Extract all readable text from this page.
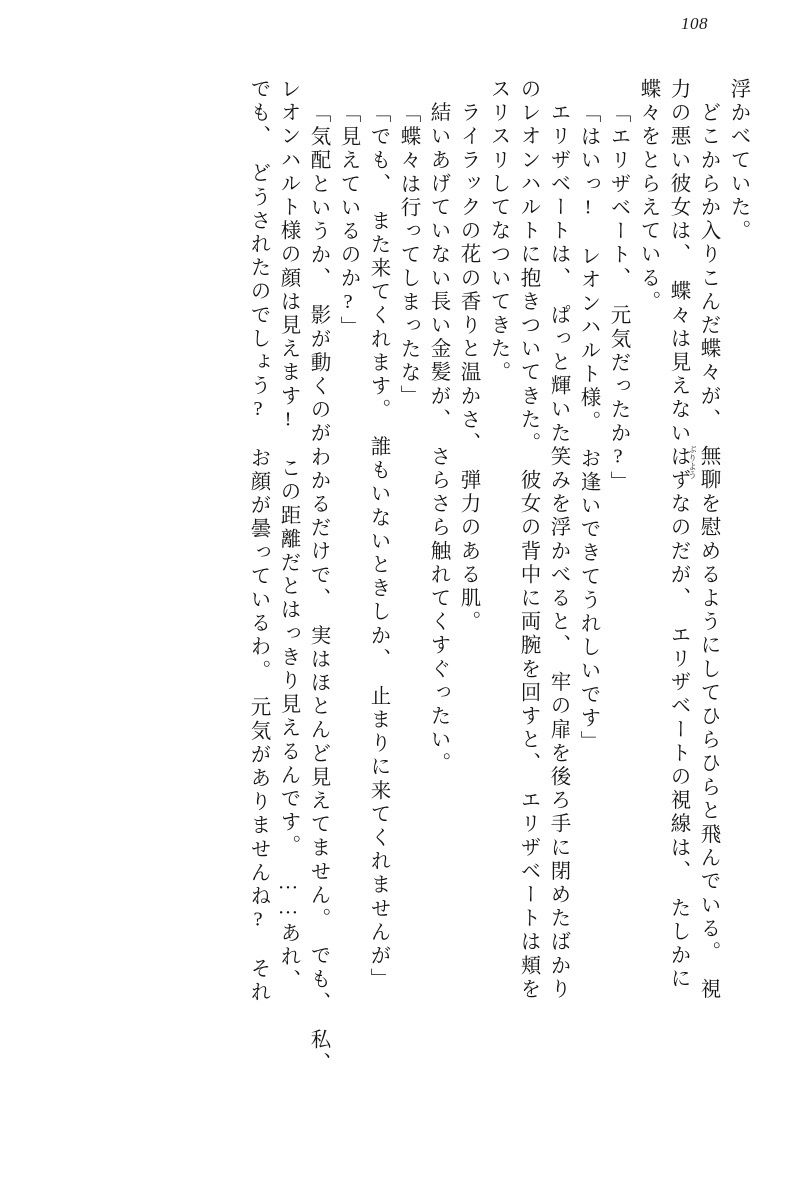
108
浮かべていた。
　どこからか入りこんだ蝶々が、　
ぶりよう 無聊を慰めるようにしてひらひらと飛んでいる。　視
力の悪い彼女は、　蝶々は見えないはずなのだが、　エリザベートの視線は、　たしかに
蝶々をとらえている。
「エリザベート、　元気だったか?」
「はいっ!　レオンハルト様。　お逢いできてうれしいです」
　エリザベートは、　ぱっと輝いた笑みを浮かべると、　牢の扉を後ろ手に閉めたばかり
のレオンハルトに抱きついてきた。　彼女の背中に両腕を回すと、　エリザベートは頬を
スリスリしてなついてきた。
　ライラックの花の香りと温かさ、　弾力のある肌。
　結いあげていない長い金髪が、　さらさら触れてくすぐったい。
「蝶々は行ってしまったな」
「でも、　また来てくれます。　誰もいないときしか、　止まりに来てくれませんが」
「見えているのか?」
「気配というか、　影が動くのがわかるだけで、　実はほとんど見えてません。　でも、　私、
レオンハルト様の顔は見えます!　この距離だとはっきり見えるんです。　……あれ、
でも、　どうされたのでしょう?　お顔が曇っているわ。　元気がありませんね?　それ
